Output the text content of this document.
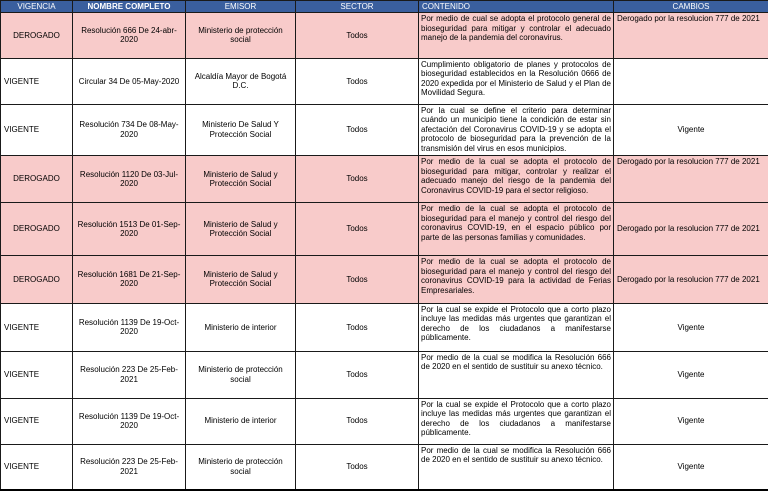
VIGENCIA	NOMBRE COMPLETO	EMISOR	SECTOR	CONTENIDO	CAMBIOS
DEROGADO	Resolución 666 De 24-abr-2020	Ministerio de protección social	Todos	Por medio de cual se adopta el protocolo general de bioseguridad para mitigar y controlar el adecuado manejo de la pandemia del coronavirus.	Derogado por la resolucion 777 de 2021
VIGENTE	Circular 34 De 05-May-2020	Alcaldía Mayor de Bogotá D.C.	Todos	Cumplimiento obligatorio de planes y protocolos de bioseguridad establecidos en la Resolución 0666 de 2020 expedida por el Ministerio de Salud y el Plan de Movilidad Segura.	
VIGENTE	Resolución 734 De 08-May-2020	Ministerio De Salud Y Protección Social	Todos	Por la cual se define el criterio para determinar cuándo un municipio tiene la condición de estar sin afectación del Coronavirus COVID-19 y se adopta el protocolo de bioseguridad para la prevención de la transmisión del virus en esos municipios.	Vigente
DEROGADO	Resolución 1120 De 03-Jul-2020	Ministerio de Salud y Protección Social	Todos	Por medio de la cual se adopta el protocolo de bioseguridad para mitigar, controlar y realizar el adecuado manejo del riesgo de la pandemia del Coronavirus COVID-19 para el sector religioso.	Derogado por la resolucion 777 de 2021
DEROGADO	Resolución 1513 De 01-Sep-2020	Ministerio de Salud y Protección Social	Todos	Por medio de la cual se adopta el protocolo de bioseguridad para el manejo y control del riesgo del coronavirus COVID-19, en el espacio público por parte de las personas familias y comunidades.	Derogado por la resolucion 777 de 2021
DEROGADO	Resolución 1681 De 21-Sep-2020	Ministerio de Salud y Protección Social	Todos	Por medio de la cual se adopta el protocolo de bioseguridad para el manejo y control del riesgo del coronavirus COVID-19 para la actividad de Ferias Empresariales.	Derogado por la resolucion 777 de 2021
VIGENTE	Resolución 1139 De 19-Oct-2020	Ministerio de interior	Todos	Por la cual se expide el Protocolo que a corto plazo incluye las medidas más urgentes que garantizan el derecho de los ciudadanos a manifestarse públicamente.	Vigente
VIGENTE	Resolución 223 De 25-Feb-2021	Ministerio de protección social	Todos	Por medio de la cual se modifica la Resolución 666 de 2020 en el sentido de sustituir su anexo técnico.	Vigente
VIGENTE	Resolución 1139 De 19-Oct-2020	Ministerio de interior	Todos	Por la cual se expide el Protocolo que a corto plazo incluye las medidas más urgentes que garantizan el derecho de los ciudadanos a manifestarse públicamente.	Vigente
VIGENTE	Resolución 223 De 25-Feb-2021	Ministerio de protección social	Todos	Por medio de la cual se modifica la Resolución 666 de 2020 en el sentido de sustituir su anexo técnico.	Vigente
